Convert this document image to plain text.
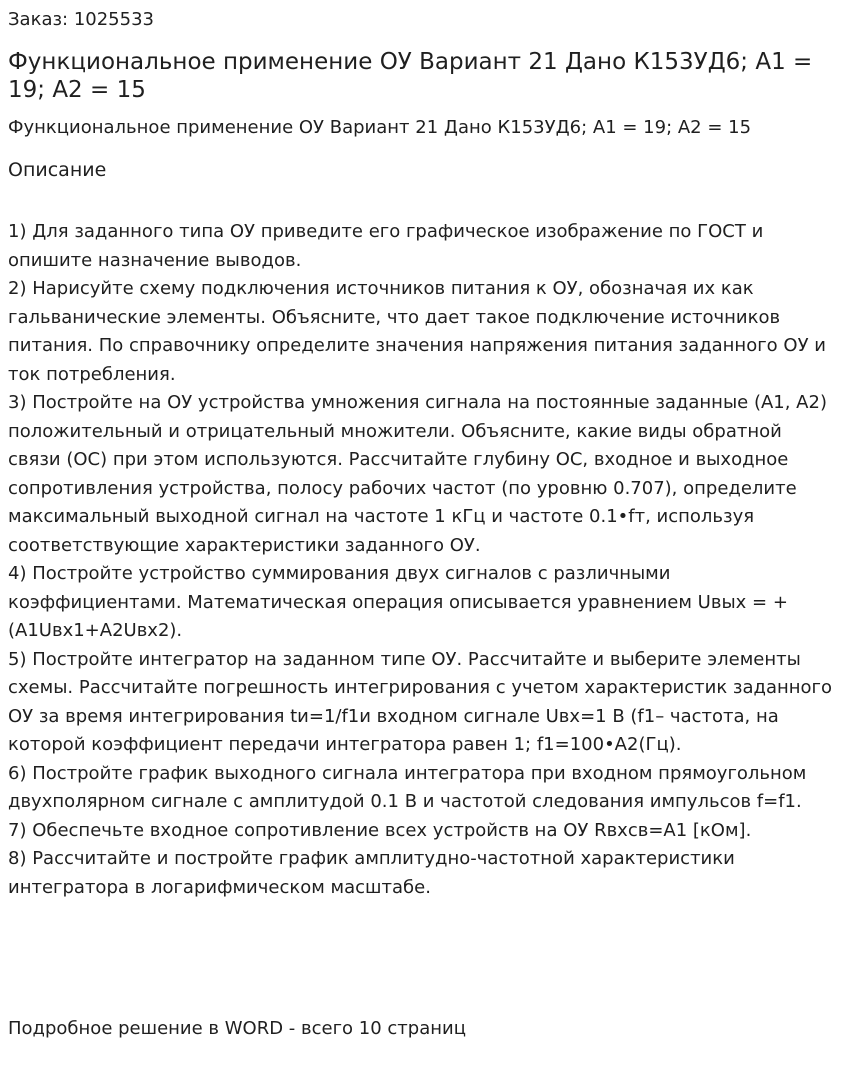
Заказ: 1025533
Функциональное применение ОУ Вариант 21 Дано К153УД6; А1 = 19; А2 = 15
Функциональное применение ОУ Вариант 21 Дано К153УД6; А1 = 19; А2 = 15
Описание
1) Для заданного типа ОУ приведите его графическое изображение по ГОСТ и опишите назначение выводов.
2) Нарисуйте схему подключения источников питания к ОУ, обозначая их как гальванические элементы. Объясните, что дает такое подключение источников питания. По справочнику определите значения напряжения питания заданного ОУ и ток потребления.
3) Постройте на ОУ устройства умножения сигнала на постоянные заданные (А1, А2) положительный и отрицательный множители. Объясните, какие виды обратной связи (ОС) при этом используются. Рассчитайте глубину ОС, входное и выходное
сопротивления устройства, полосу рабочих частот (по уровню 0.707), определите максимальный выходной сигнал на частоте 1 кГц и частоте 0.1•fт, используя соответствующие характеристики заданного ОУ.
4) Постройте устройство суммирования двух сигналов с различными коэффициентами. Математическая операция описывается уравнением Uвых = +(А1Uвх1+А2Uвх2).
5) Постройте интегратор на заданном типе ОУ. Рассчитайте и выберите элементы схемы. Рассчитайте погрешность интегрирования с учетом характеристик заданного ОУ за время интегрирования tи=1/f1и входном сигнале Uвх=1 В (f1– частота, на которой коэффициент передачи интегратора равен 1; f1=100•А2(Гц).
6) Постройте график выходного сигнала интегратора при входном прямоугольном двухполярном сигнале с амплитудой 0.1 В и частотой следования импульсов f=f1.
7) Обеспечьте входное сопротивление всех устройств на ОУ Rвхсв=А1 [кОм].
8) Рассчитайте и постройте график амплитудно-частотной характеристики интегратора в логарифмическом масштабе.
Подробное решение в WORD - всего 10 страниц
